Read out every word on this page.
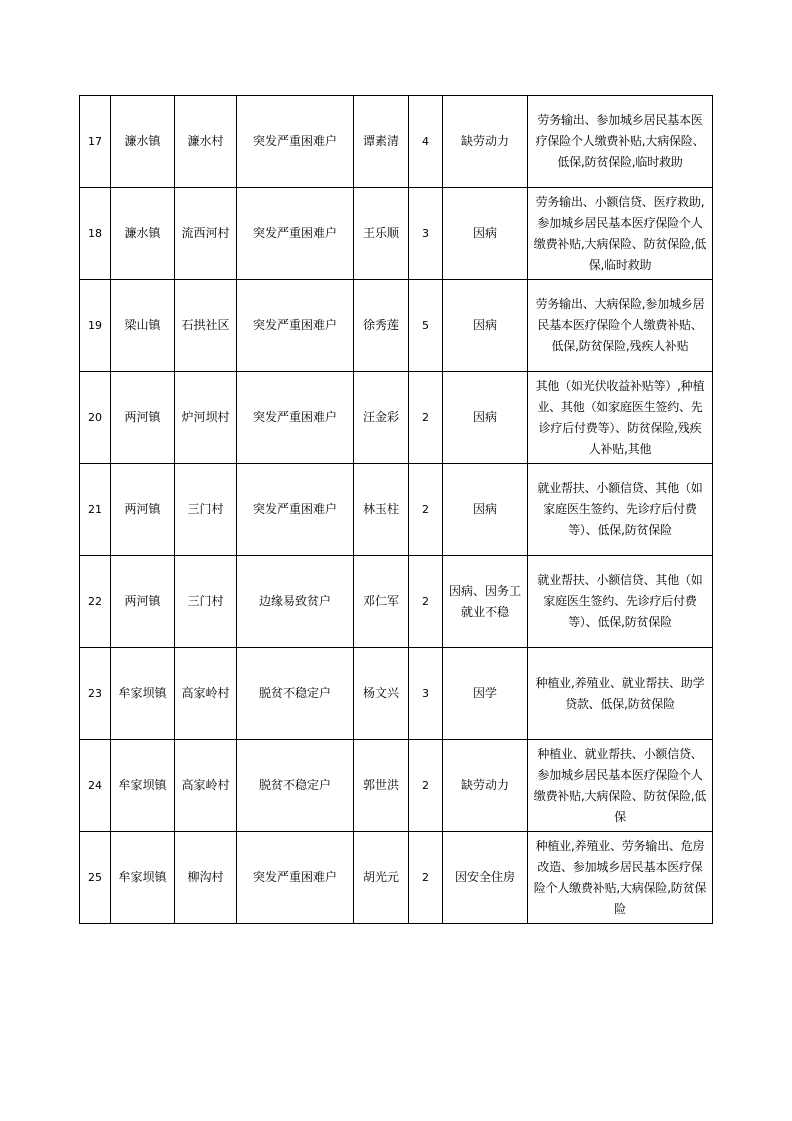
17	濂水镇	濂水村	突发严重困难户	谭素清	4	缺劳动力	劳务输出、参加城乡居民基本医疗保险个人缴费补贴,大病保险、低保,防贫保险,临时救助
18	濂水镇	流西河村	突发严重困难户	王乐顺	3	因病	劳务输出、小额信贷、医疗救助,参加城乡居民基本医疗保险个人缴费补贴,大病保险、防贫保险,低保,临时救助
19	梁山镇	石拱社区	突发严重困难户	徐秀莲	5	因病	劳务输出、大病保险,参加城乡居民基本医疗保险个人缴费补贴、低保,防贫保险,残疾人补贴
20	两河镇	炉河坝村	突发严重困难户	汪金彩	2	因病	其他（如光伏收益补贴等）,种植业、其他（如家庭医生签约、先诊疗后付费等）、防贫保险,残疾人补贴,其他
21	两河镇	三门村	突发严重困难户	林玉柱	2	因病	就业帮扶、小额信贷、其他（如家庭医生签约、先诊疗后付费等）、低保,防贫保险
22	两河镇	三门村	边缘易致贫户	邓仁军	2	因病、因务工就业不稳	就业帮扶、小额信贷、其他（如家庭医生签约、先诊疗后付费等）、低保,防贫保险
23	牟家坝镇	高家岭村	脱贫不稳定户	杨文兴	3	因学	种植业,养殖业、就业帮扶、助学贷款、低保,防贫保险
24	牟家坝镇	高家岭村	脱贫不稳定户	郭世洪	2	缺劳动力	种植业、就业帮扶、小额信贷、参加城乡居民基本医疗保险个人缴费补贴,大病保险、防贫保险,低保
25	牟家坝镇	柳沟村	突发严重困难户	胡光元	2	因安全住房	种植业,养殖业、劳务输出、危房改造、参加城乡居民基本医疗保险个人缴费补贴,大病保险,防贫保险
